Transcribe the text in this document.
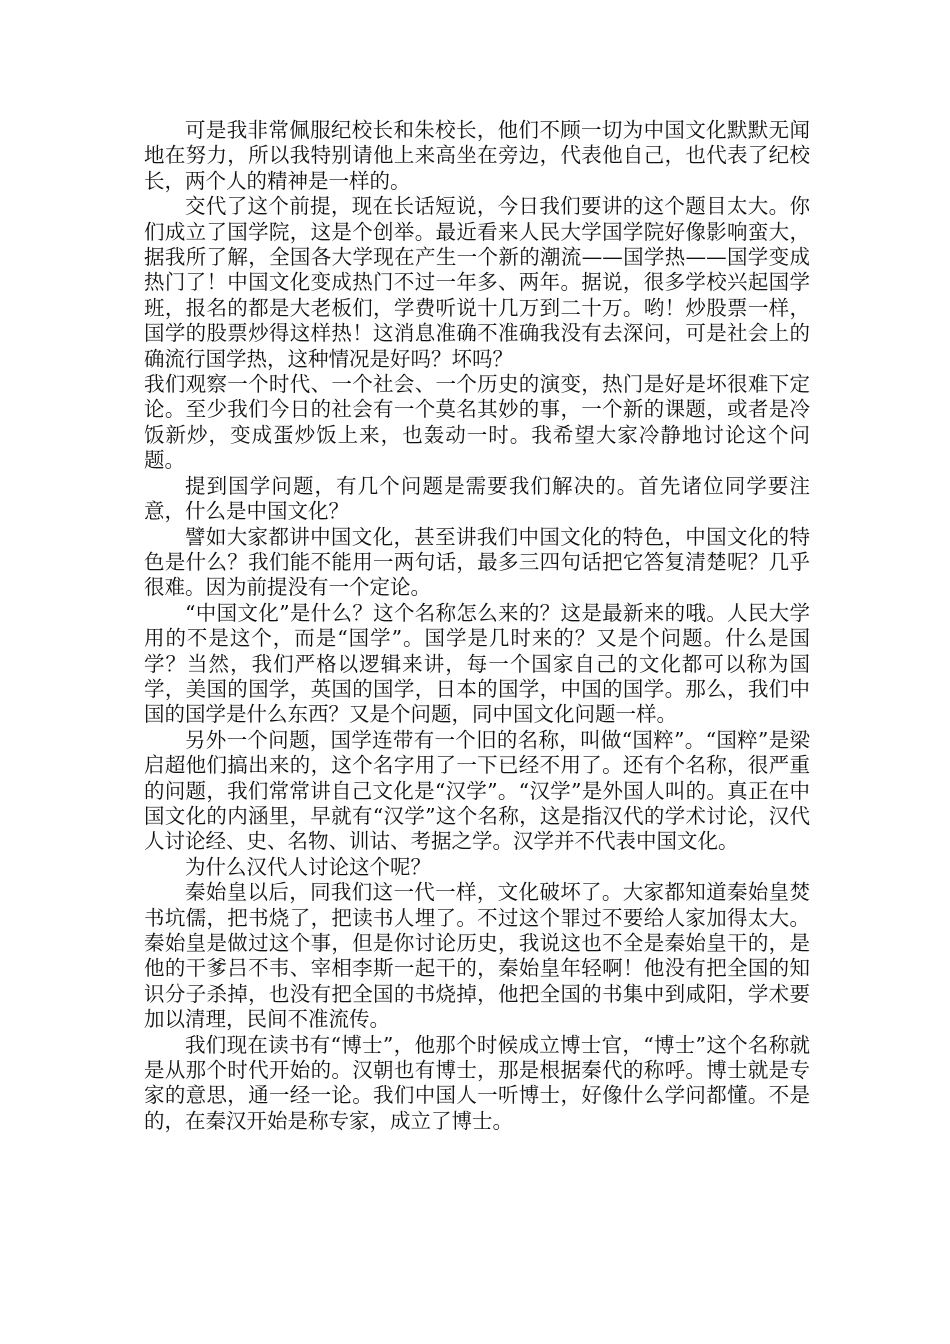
可是我非常佩服纪校长和朱校长，他们不顾一切为中国文化默默无闻地在努力，所以我特别请他上来高坐在旁边，代表他自己，也代表了纪校长，两个人的精神是一样的。

交代了这个前提，现在长话短说，今日我们要讲的这个题目太大。你们成立了国学院，这是个创举。最近看来人民大学国学院好像影响蛮大，据我所了解，全国各大学现在产生一个新的潮流——国学热——国学变成热门了！中国文化变成热门不过一年多、两年。据说，很多学校兴起国学班，报名的都是大老板们，学费听说十几万到二十万。哟！炒股票一样，国学的股票炒得这样热！这消息准确不准确我没有去深问，可是社会上的确流行国学热，这种情况是好吗？坏吗？

我们观察一个时代、一个社会、一个历史的演变，热门是好是坏很难下定论。至少我们今日的社会有一个莫名其妙的事，一个新的课题，或者是冷饭新炒，变成蛋炒饭上来，也轰动一时。我希望大家冷静地讨论这个问题。

提到国学问题，有几个问题是需要我们解决的。首先诸位同学要注意，什么是中国文化？

譬如大家都讲中国文化，甚至讲我们中国文化的特色，中国文化的特色是什么？我们能不能用一两句话，最多三四句话把它答复清楚呢？几乎很难。因为前提没有一个定论。

“中国文化”是什么？这个名称怎么来的？这是最新来的哦。人民大学用的不是这个，而是“国学”。国学是几时来的？又是个问题。什么是国学？当然，我们严格以逻辑来讲，每一个国家自己的文化都可以称为国学，美国的国学，英国的国学，日本的国学，中国的国学。那么，我们中国的国学是什么东西？又是个问题，同中国文化问题一样。

另外一个问题，国学连带有一个旧的名称，叫做“国粹”。“国粹”是梁启超他们搞出来的，这个名字用了一下已经不用了。还有个名称，很严重的问题，我们常常讲自己文化是“汉学”。“汉学”是外国人叫的。真正在中国文化的内涵里，早就有“汉学”这个名称，这是指汉代的学术讨论，汉代人讨论经、史、名物、训诂、考据之学。汉学并不代表中国文化。

为什么汉代人讨论这个呢？

秦始皇以后，同我们这一代一样，文化破坏了。大家都知道秦始皇焚书坑儒，把书烧了，把读书人埋了。不过这个罪过不要给人家加得太大。秦始皇是做过这个事，但是你讨论历史，我说这也不全是秦始皇干的，是他的干爹吕不韦、宰相李斯一起干的，秦始皇年轻啊！他没有把全国的知识分子杀掉，也没有把全国的书烧掉，他把全国的书集中到咸阳，学术要加以清理，民间不准流传。

我们现在读书有“博士”，他那个时候成立博士官，“博士”这个名称就是从那个时代开始的。汉朝也有博士，那是根据秦代的称呼。博士就是专家的意思，通一经一论。我们中国人一听博士，好像什么学问都懂。不是的，在秦汉开始是称专家，成立了博士。
